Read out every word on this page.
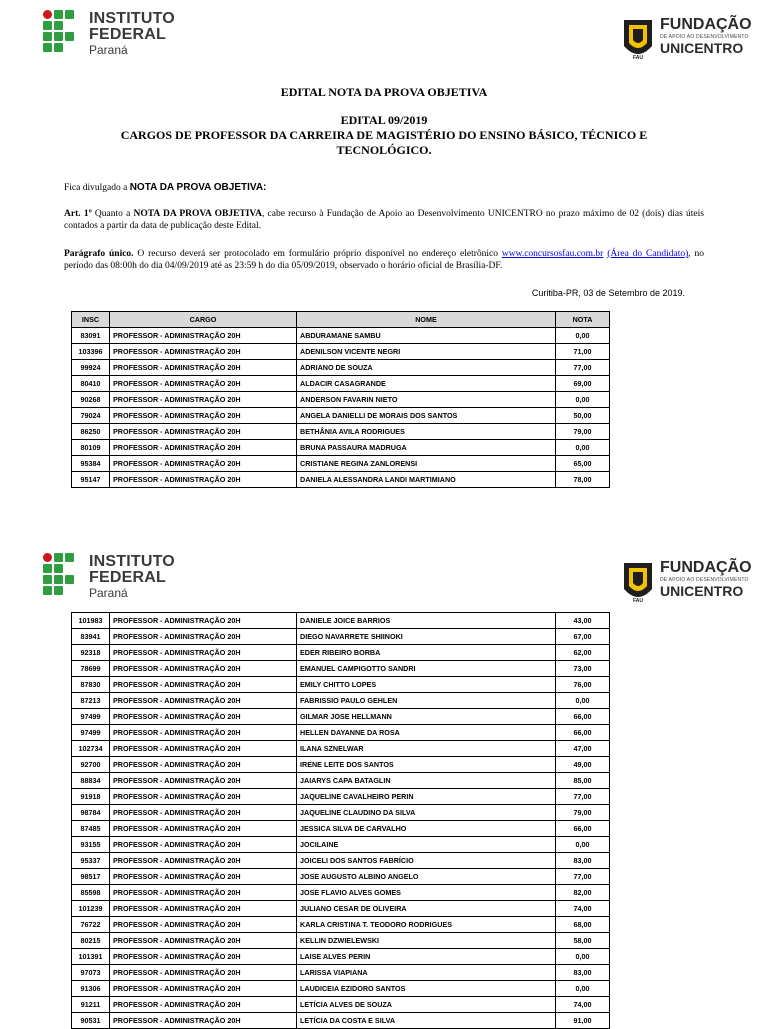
INSTITUTO
FEDERAL
Paraná
FAU
FUNDAÇÃO
DE APOIO AO DESENVOLVIMENTO
UNICENTRO
EDITAL NOTA DA PROVA OBJETIVA
EDITAL 09/2019
CARGOS DE PROFESSOR DA CARREIRA DE MAGISTÉRIO DO ENSINO BÁSICO, TÉCNICO E
TECNOLÓGICO.
Fica divulgado a NOTA DA PROVA OBJETIVA:
Art. 1º Quanto a NOTA DA PROVA OBJETIVA, cabe recurso à Fundação de Apoio ao Desenvolvimento UNICENTRO no prazo máximo de 02 (dois) dias úteis contados a partir da data de publicação deste Edital.
Parágrafo único. O recurso deverá ser protocolado em formulário próprio disponível no endereço eletrônico www.concursosfau.com.br (Área do Candidato), no período das 08:00h do dia 04/09/2019 até as 23:59 h do dia 05/09/2019, observado o horário oficial de Brasília-DF.
Curitiba-PR, 03 de Setembro de 2019.
INSC	CARGO	NOME	NOTA
83091	PROFESSOR - ADMINISTRAÇÃO 20H	ABDURAMANE SAMBU	0,00
103396	PROFESSOR - ADMINISTRAÇÃO 20H	ADENILSON VICENTE NEGRI	71,00
99924	PROFESSOR - ADMINISTRAÇÃO 20H	ADRIANO DE SOUZA	77,00
80410	PROFESSOR - ADMINISTRAÇÃO 20H	ALDACIR CASAGRANDE	69,00
90268	PROFESSOR - ADMINISTRAÇÃO 20H	ANDERSON FAVARIN NIETO	0,00
79024	PROFESSOR - ADMINISTRAÇÃO 20H	ANGELA DANIELLI DE MORAIS DOS SANTOS	50,00
86250	PROFESSOR - ADMINISTRAÇÃO 20H	BETHÂNIA AVILA RODRIGUES	79,00
80109	PROFESSOR - ADMINISTRAÇÃO 20H	BRUNA PASSAURA MADRUGA	0,00
95384	PROFESSOR - ADMINISTRAÇÃO 20H	CRISTIANE REGINA ZANLORENSI	65,00
95147	PROFESSOR - ADMINISTRAÇÃO 20H	DANIELA ALESSANDRA LANDI MARTIMIANO	78,00
INSTITUTO
FEDERAL
Paraná
FAU
FUNDAÇÃO
DE APOIO AO DESENVOLVIMENTO
UNICENTRO
101983	PROFESSOR - ADMINISTRAÇÃO 20H	DANIELE JOICE BARRIOS	43,00
83941	PROFESSOR - ADMINISTRAÇÃO 20H	DIEGO NAVARRETE SHIINOKI	67,00
92318	PROFESSOR - ADMINISTRAÇÃO 20H	EDER RIBEIRO BORBA	62,00
78699	PROFESSOR - ADMINISTRAÇÃO 20H	EMANUEL CAMPIGOTTO SANDRI	73,00
87830	PROFESSOR - ADMINISTRAÇÃO 20H	EMILY CHITTO LOPES	76,00
87213	PROFESSOR - ADMINISTRAÇÃO 20H	FABRISSIO PAULO GEHLEN	0,00
97499	PROFESSOR - ADMINISTRAÇÃO 20H	GILMAR JOSE HELLMANN	66,00
97499	PROFESSOR - ADMINISTRAÇÃO 20H	HELLEN DAYANNE DA ROSA	66,00
102734	PROFESSOR - ADMINISTRAÇÃO 20H	ILANA SZNELWAR	47,00
92700	PROFESSOR - ADMINISTRAÇÃO 20H	IRENE LEITE DOS SANTOS	49,00
88834	PROFESSOR - ADMINISTRAÇÃO 20H	JAIARYS CAPA BATAGLIN	85,00
91918	PROFESSOR - ADMINISTRAÇÃO 20H	JAQUELINE CAVALHEIRO PERIN	77,00
98784	PROFESSOR - ADMINISTRAÇÃO 20H	JAQUELINE CLAUDINO DA SILVA	79,00
87485	PROFESSOR - ADMINISTRAÇÃO 20H	JESSICA SILVA DE CARVALHO	66,00
93155	PROFESSOR - ADMINISTRAÇÃO 20H	JOCILAINE	0,00
95337	PROFESSOR - ADMINISTRAÇÃO 20H	JOICELI DOS SANTOS FABRÍCIO	83,00
98517	PROFESSOR - ADMINISTRAÇÃO 20H	JOSE AUGUSTO ALBINO ANGELO	77,00
85598	PROFESSOR - ADMINISTRAÇÃO 20H	JOSE FLAVIO ALVES GOMES	82,00
101239	PROFESSOR - ADMINISTRAÇÃO 20H	JULIANO CESAR DE OLIVEIRA	74,00
76722	PROFESSOR - ADMINISTRAÇÃO 20H	KARLA CRISTINA T. TEODORO RODRIGUES	68,00
80215	PROFESSOR - ADMINISTRAÇÃO 20H	KELLIN DZWIELEWSKI	58,00
101391	PROFESSOR - ADMINISTRAÇÃO 20H	LAISE ALVES PERIN	0,00
97073	PROFESSOR - ADMINISTRAÇÃO 20H	LARISSA VIAPIANA	83,00
91306	PROFESSOR - ADMINISTRAÇÃO 20H	LAUDICEIA EZIDORO SANTOS	0,00
91211	PROFESSOR - ADMINISTRAÇÃO 20H	LETÍCIA ALVES DE SOUZA	74,00
90531	PROFESSOR - ADMINISTRAÇÃO 20H	LETÍCIA DA COSTA E SILVA	91,00
